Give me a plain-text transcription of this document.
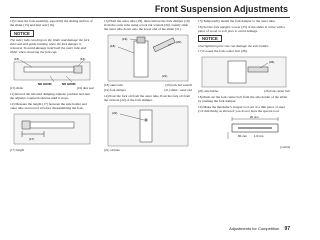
Front Suspension Adjustments
10) Clean the fork assembly, especially the sliding surface of the slider (15) and dust seal (16).
NOTICE
The outer tube can drop on the slider and damage the fork dust seal and guide bushing when the fork damper is removed. To avoid damage hold both the outer tube and slider when removing the fork cap.
(15)	(16)
NO GOOD	NO GOOD
(15) slider	(16) dust seal
11) Record the rebound damping adjuster position and turn the adjuster counterclockwise until it stops.
12) Measure the length (17) between the axle holder and outer tube and record it before disassembling the fork.
(17)
(17) length
13) Hold the outer tube (18), then remove the fork damper (19) from the outer tube using a lock nut wrench (20). Gently slide the outer tube down onto the lower end of the slider (21).
(18)
(19)
(20)
(21)
(18) outer tube	(20) lock nut wrench
(19) fork damper	(21) slider / outer end
14) Pour the fork oil from the outer tube. Pour the fork oil from the oil hole (22) of the fork damper.
(22)
(22) oil hole
15) Temporarily install the fork damper to the outer tube.
16) Set the fork upright. Lower (25) of the slider at a true with a piece of wood or soft jaws to avoid damage.
NOTICE
Overtightening the vise can damage the axle holder.
17) Loosen the fork center bolt (26).
(26)
(26) axle holder	(26) fork center bolt
18) Push out the fork center bolt from the axle holder of the slider by pushing the fork damper.
19) Make the mechanic's stopper tool out of a thin piece of steel (1.0 mm thick) as shown if you do not have the special tool.
20 mm
R1 mm 1.0 mm
(cont'd)
Adjustments for Competition 97
